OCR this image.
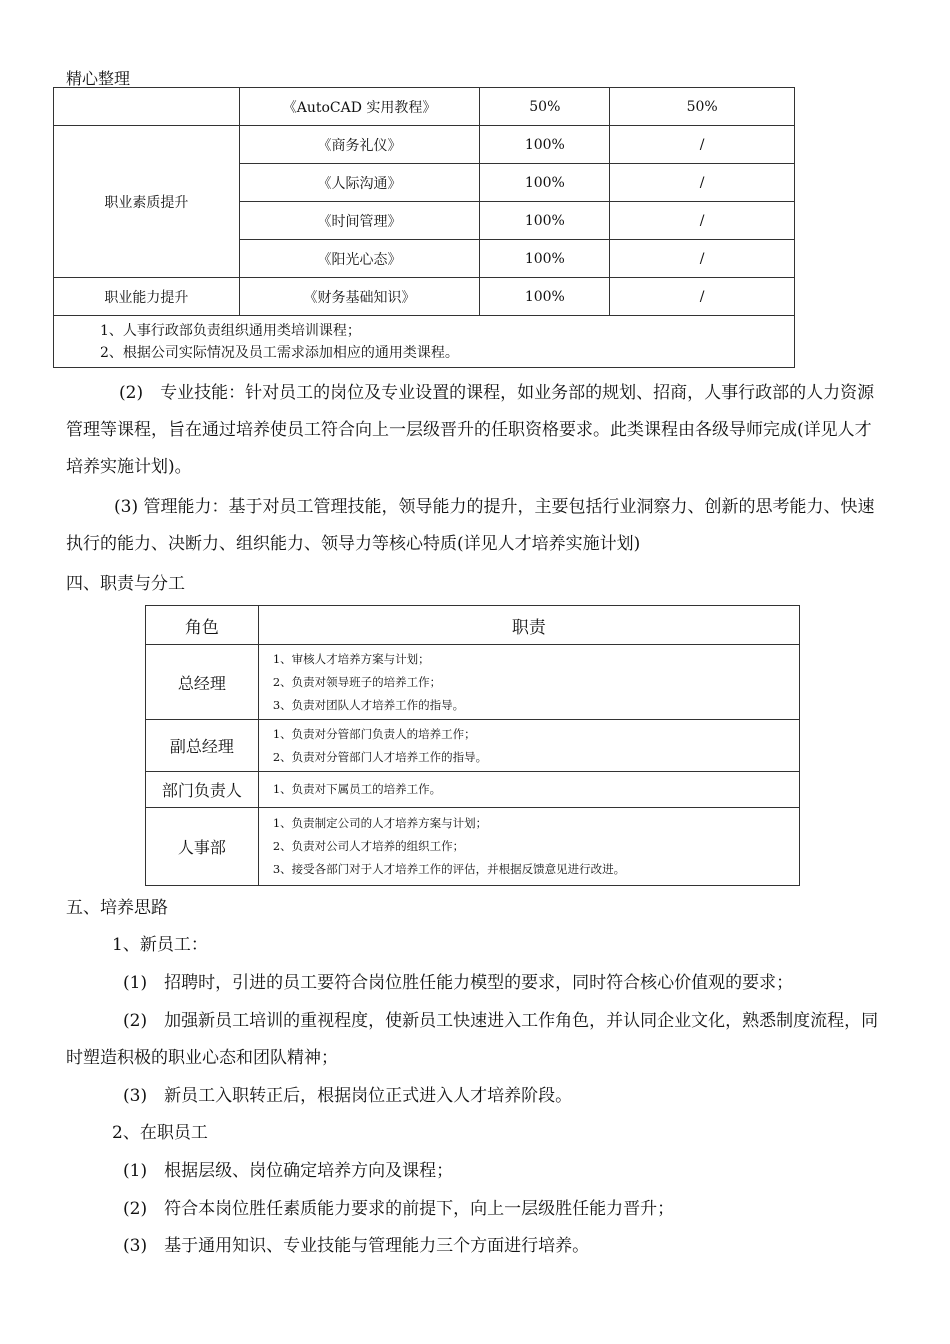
精心整理
	《AutoCAD 实用教程》	50%	50%
职业素质提升	《商务礼仪》	100%	/
	《人际沟通》	100%	/
	《时间管理》	100%	/
	《阳光心态》	100%	/
职业能力提升	《财务基础知识》	100%	/

1、人事行政部负责组织通用类培训课程；
2、根据公司实际情况及员工需求添加相应的通用类课程。			
(2)　专业技能：针对员工的岗位及专业设置的课程，如业务部的规划、招商，人事行政部的人力资源管理等课程，旨在通过培养使员工符合向上一层级晋升的任职资格要求。此类课程由各级导师完成(详见人才培养实施计划)。
(3) 管理能力：基于对员工管理技能，领导能力的提升，主要包括行业洞察力、创新的思考能力、快速执行的能力、决断力、组织能力、领导力等核心特质(详见人才培养实施计划)
四、职责与分工
角色	职责
总经理	1、审核人才培养方案与计划；
2、负责对领导班子的培养工作；
3、负责对团队人才培养工作的指导。

副总经理	1、负责对分管部门负责人的培养工作；
2、负责对分管部门人才培养工作的指导。

部门负责人	1、负责对下属员工的培养工作。

人事部	1、负责制定公司的人才培养方案与计划；
2、负责对公司人才培养的组织工作；
3、接受各部门对于人才培养工作的评估，并根据反馈意见进行改进。
五、培养思路
1、新员工：
(1)　招聘时，引进的员工要符合岗位胜任能力模型的要求，同时符合核心价值观的要求；
(2)　加强新员工培训的重视程度，使新员工快速进入工作角色，并认同企业文化，熟悉制度流程，同时塑造积极的职业心态和团队精神；
(3)　新员工入职转正后，根据岗位正式进入人才培养阶段。
2、在职员工
(1)　根据层级、岗位确定培养方向及课程；
(2)　符合本岗位胜任素质能力要求的前提下，向上一层级胜任能力晋升；
(3)　基于通用知识、专业技能与管理能力三个方面进行培养。
